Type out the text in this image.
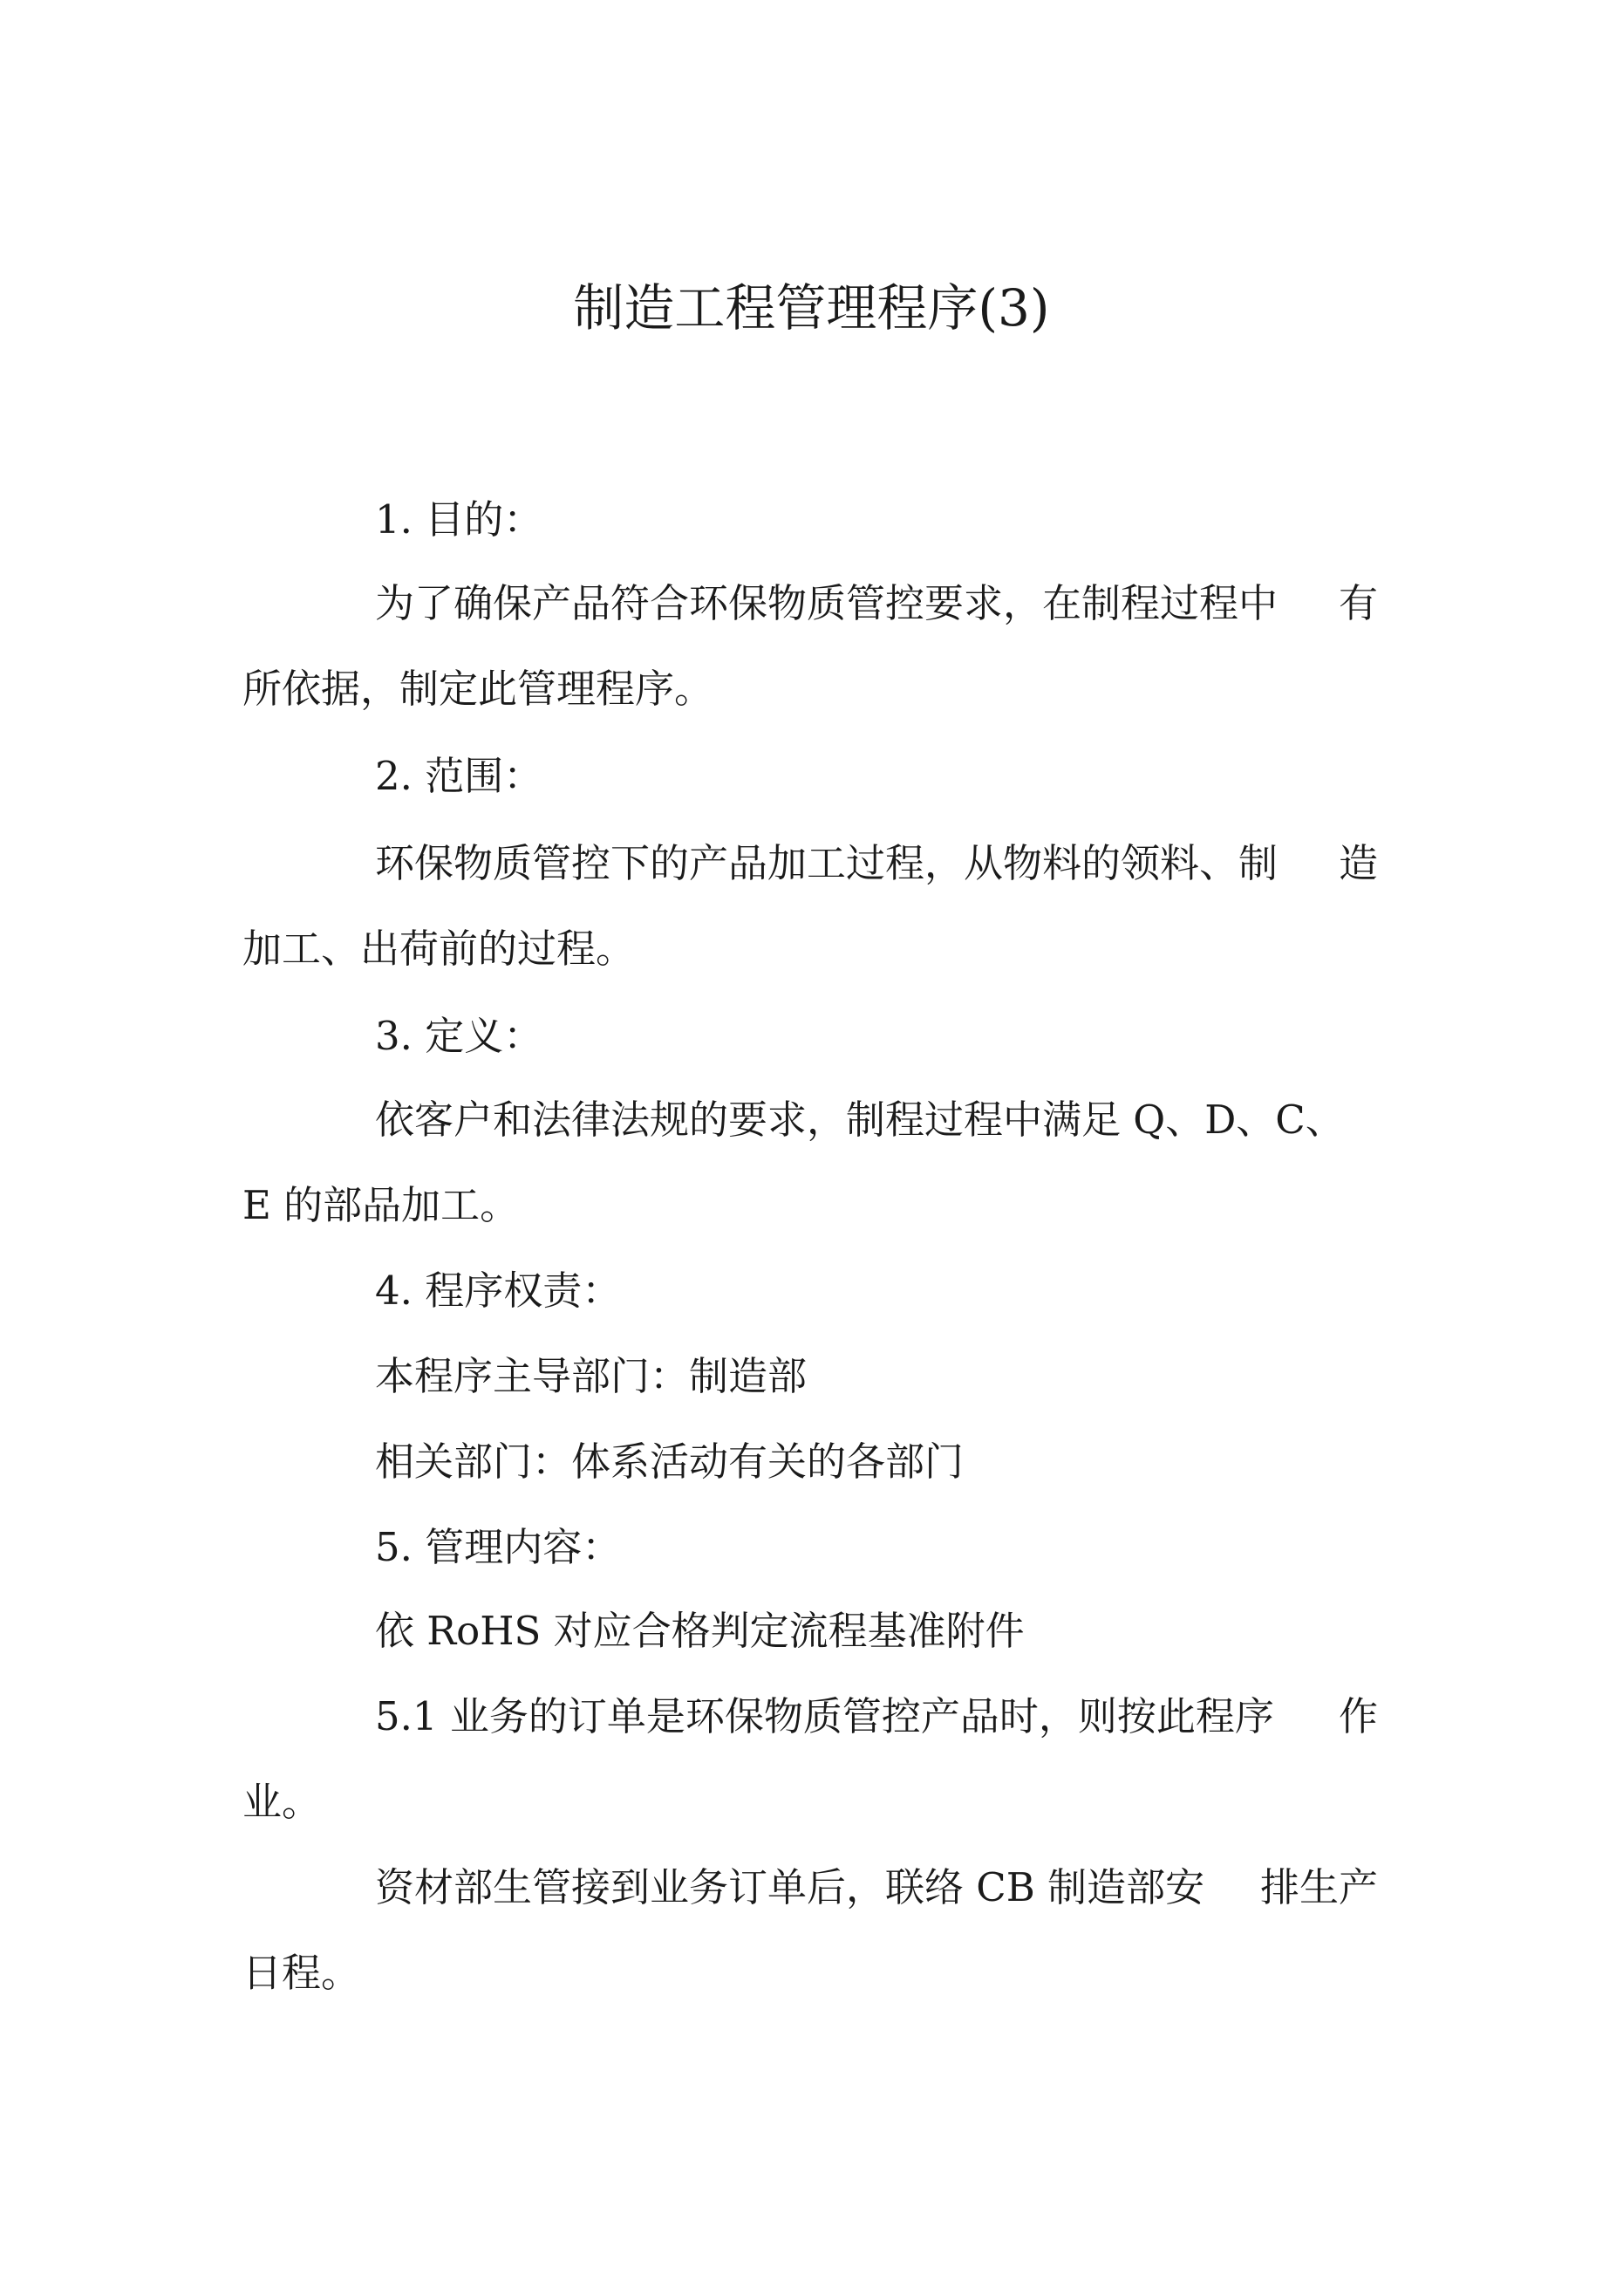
制造工程管理程序(3)
1. 目的：
为了确保产品符合环保物质管控要求，在制程过程中 有
所依据，制定此管理程序。
2. 范围：
环保物质管控下的产品加工过程，从物料的领料、制 造
加工、出荷前的过程。
3. 定义：
依客户和法律法规的要求，制程过程中满足 Q、D、C、
E 的部品加工。
4. 程序权责：
本程序主导部门：制造部
相关部门：体系活动有关的各部门
5. 管理内容：
依 RoHS 对应合格判定流程基准附件
5.1 业务的订单是环保物质管控产品时，则按此程序 作
业。
资材部生管接到业务订单后，联络 CB 制造部安 排生产
日程。
